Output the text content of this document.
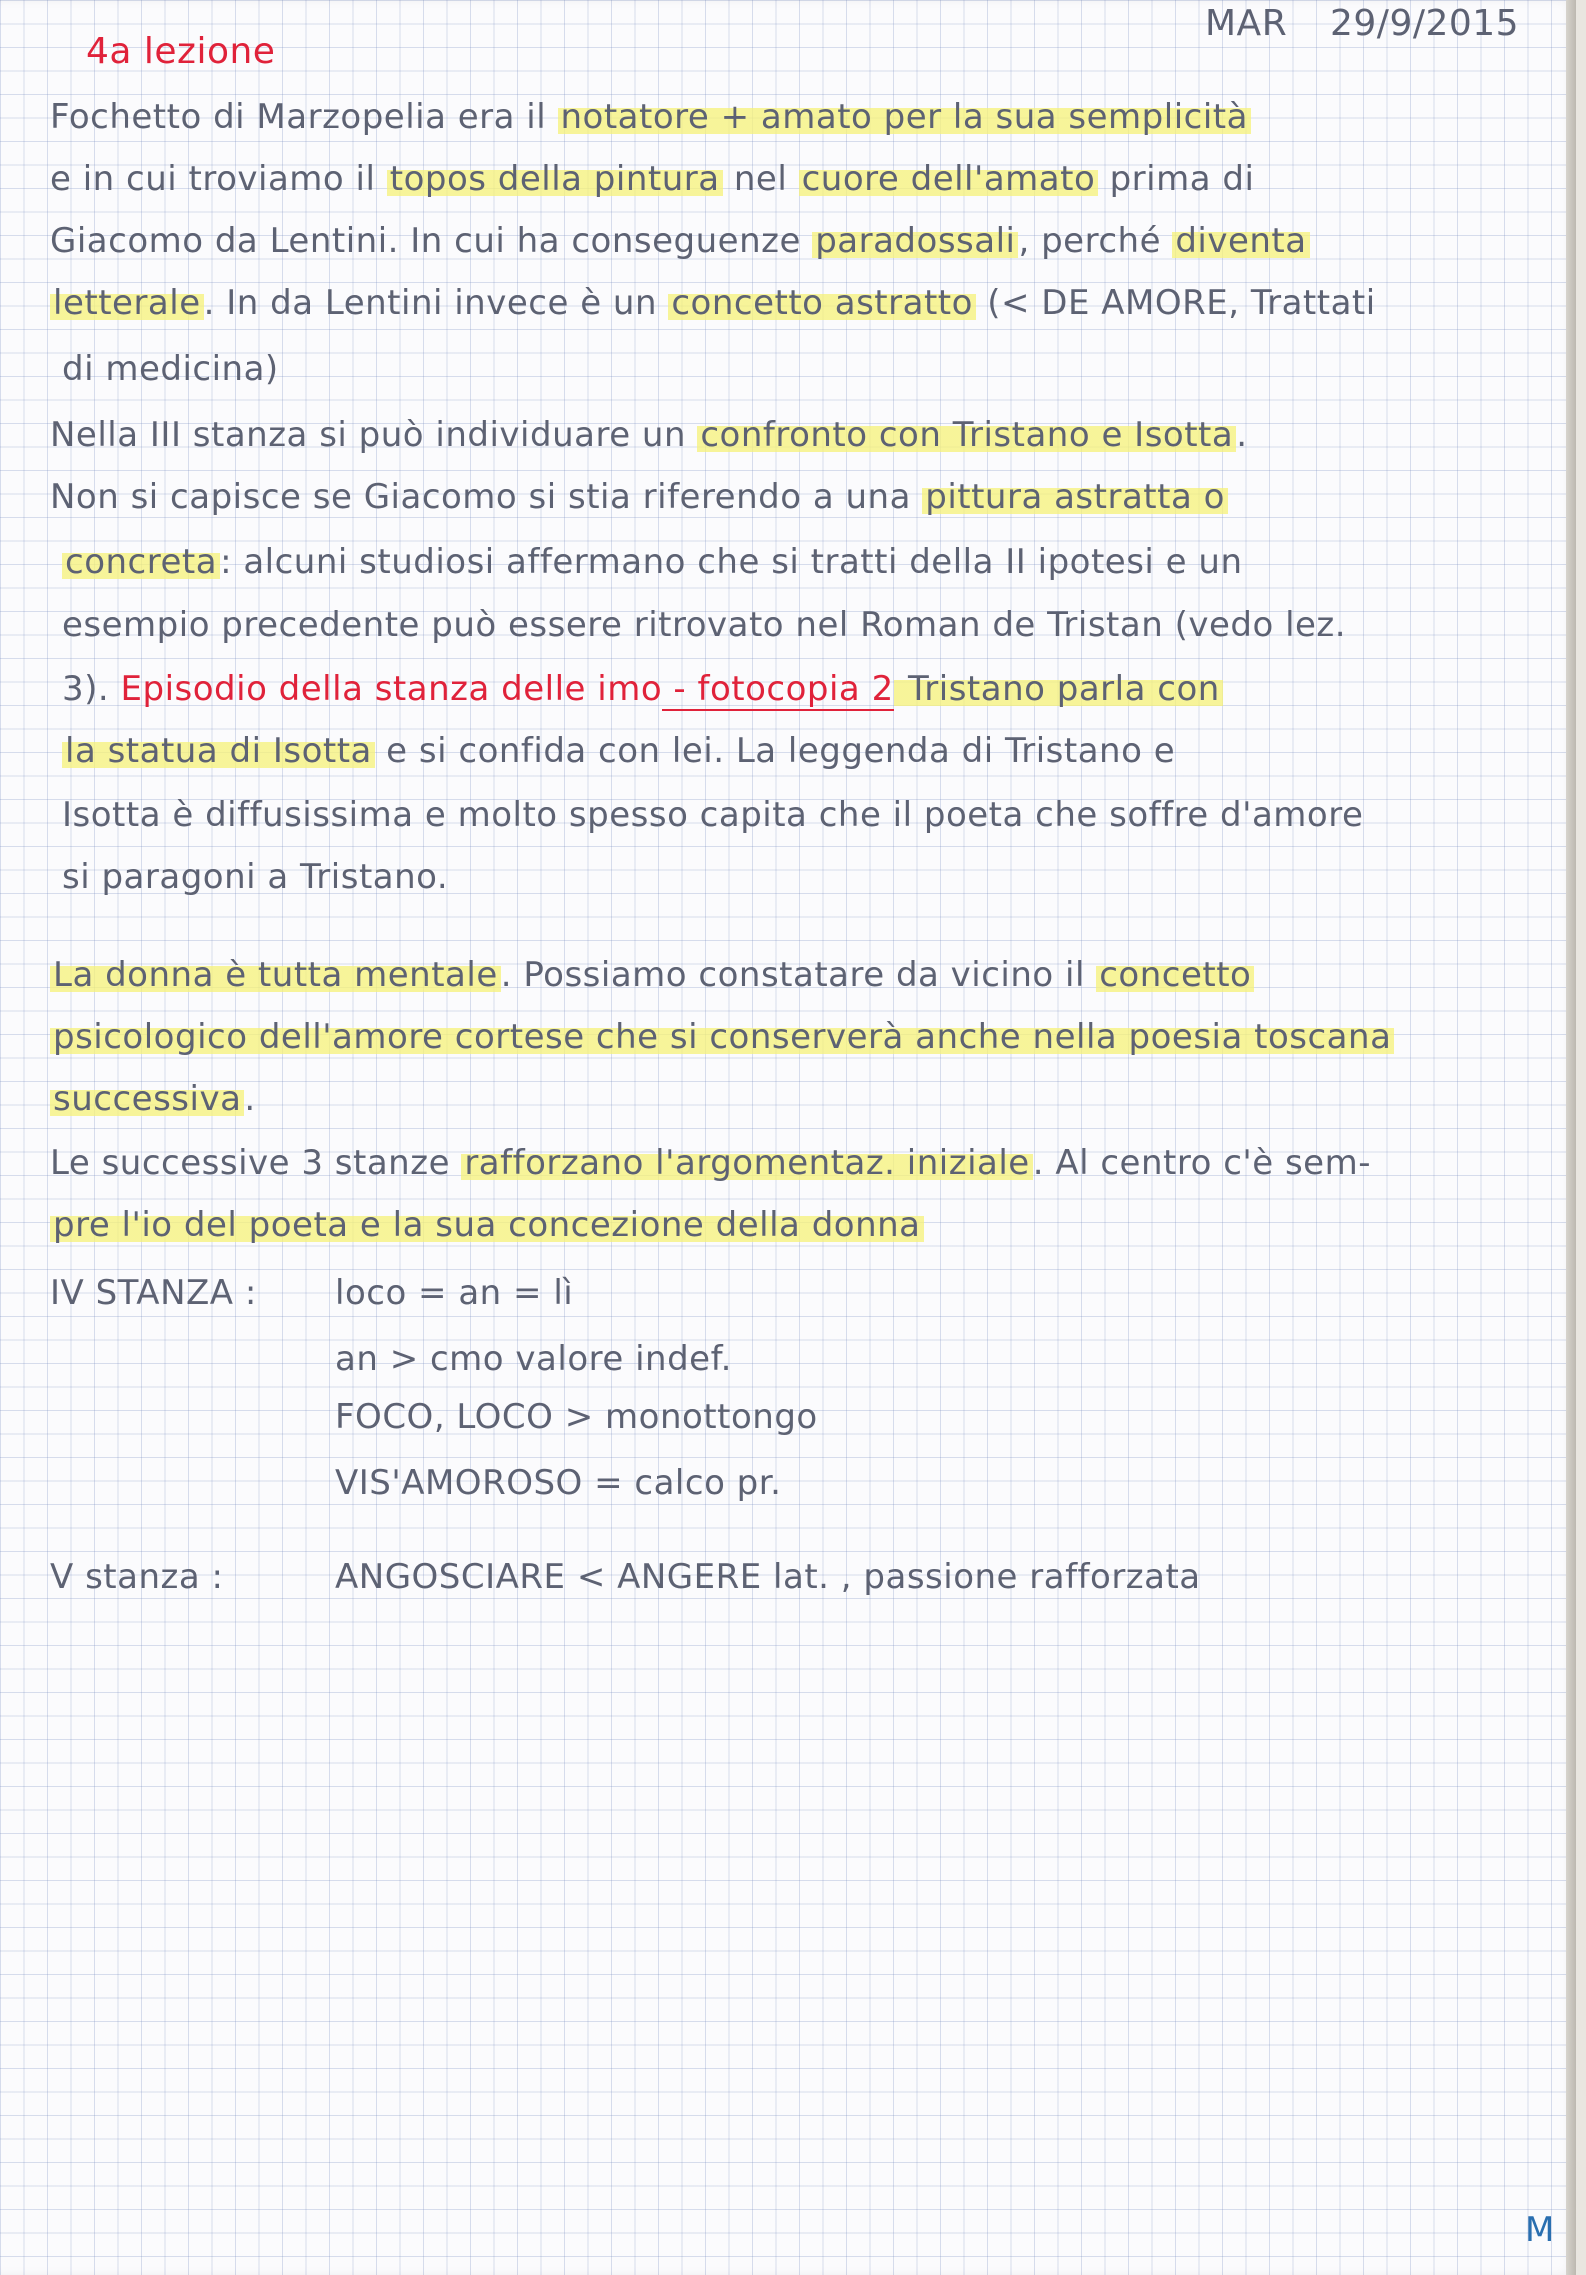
4a lezione
MAR 29/9/2015
Fochetto di Marzopelia era il notatore + amato per la sua semplicità
e in cui troviamo il topos della pintura nel cuore dell'amato prima di
Giacomo da Lentini. In cui ha conseguenze paradossali, perché diventa
letterale. In da Lentini invece è un concetto astratto (< DE AMORE, Trattati
di medicina)
Nella III stanza si può individuare un confronto con Tristano e Isotta.
Non si capisce se Giacomo si stia riferendo a una pittura astratta o
concreta: alcuni studiosi affermano che si tratti della II ipotesi e un
esempio precedente può essere ritrovato nel Roman de Tristan (vedo lez.
3). Episodio della stanza delle imo - fotocopia 2 Tristano parla con
la statua di Isotta e si confida con lei. La leggenda di Tristano e
Isotta è diffusissima e molto spesso capita che il poeta che soffre d'amore
si paragoni a Tristano.
La donna è tutta mentale. Possiamo constatare da vicino il concetto
psicologico dell'amore cortese che si conserverà anche nella poesia toscana
successiva.
Le successive 3 stanze rafforzano l'argomentaz. iniziale. Al centro c'è sem-
pre l'io del poeta e la sua concezione della donna
IV STANZA : loco = an = lì
an > cmo valore indef.
FOCO, LOCO > monottongo
VIS'AMOROSO = calco pr.
V stanza :	ANGOSCIARE < ANGERE lat. , passione rafforzata
M
